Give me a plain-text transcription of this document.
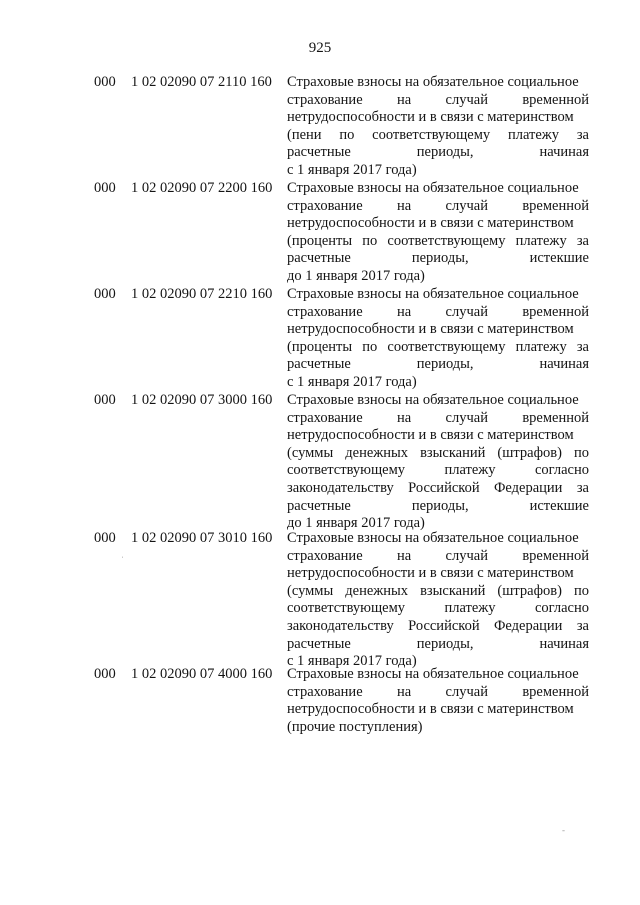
925
000 1 02 02090 07 2110 160 Страховые взносы на обязательное социальное
страхование на случай временной
нетрудоспособности и в связи с материнством
(пени по соответствующему платежу за
расчетные периоды, начиная
с 1 января 2017 года)
000 1 02 02090 07 2200 160 Страховые взносы на обязательное социальное
страхование на случай временной
нетрудоспособности и в связи с материнством
(проценты по соответствующему платежу за
расчетные периоды, истекшие
до 1 января 2017 года)
000 1 02 02090 07 2210 160 Страховые взносы на обязательное социальное
страхование на случай временной
нетрудоспособности и в связи с материнством
(проценты по соответствующему платежу за
расчетные периоды, начиная
с 1 января 2017 года)
000 1 02 02090 07 3000 160 Страховые взносы на обязательное социальное
страхование на случай временной
нетрудоспособности и в связи с материнством
(суммы денежных взысканий (штрафов) по
соответствующему платежу согласно
законодательству Российской Федерации за
расчетные периоды, истекшие
до 1 января 2017 года)
000 1 02 02090 07 3010 160 Страховые взносы на обязательное социальное
страхование на случай временной
нетрудоспособности и в связи с материнством
(суммы денежных взысканий (штрафов) по
соответствующему платежу согласно
законодательству Российской Федерации за
расчетные периоды, начиная
с 1 января 2017 года)
000 1 02 02090 07 4000 160 Страховые взносы на обязательное социальное
страхование на случай временной
нетрудоспособности и в связи с материнством
(прочие поступления)
ˌ
-
